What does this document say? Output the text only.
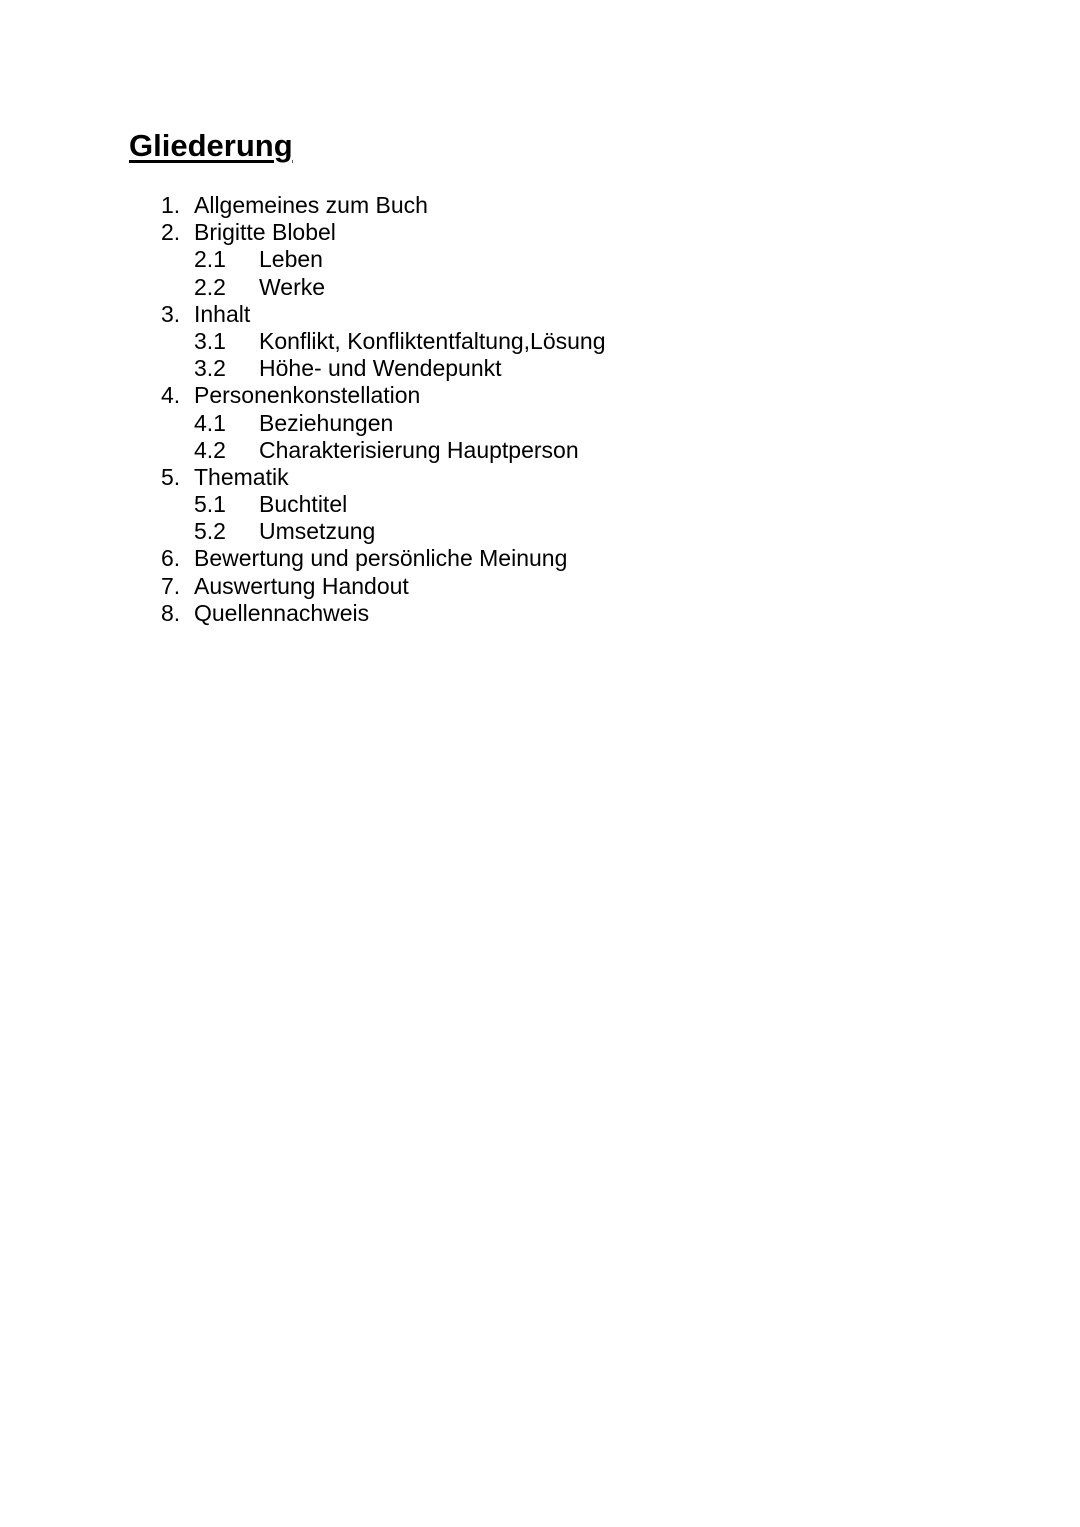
Gliederung
1. Allgemeines zum Buch
2. Brigitte Blobel
2.1 Leben
2.2 Werke
3. Inhalt
3.1 Konflikt, Konfliktentfaltung,Lösung
3.2 Höhe- und Wendepunkt
4. Personenkonstellation
4.1 Beziehungen
4.2 Charakterisierung Hauptperson
5. Thematik
5.1 Buchtitel
5.2 Umsetzung
6. Bewertung und persönliche Meinung
7. Auswertung Handout
8. Quellennachweis
